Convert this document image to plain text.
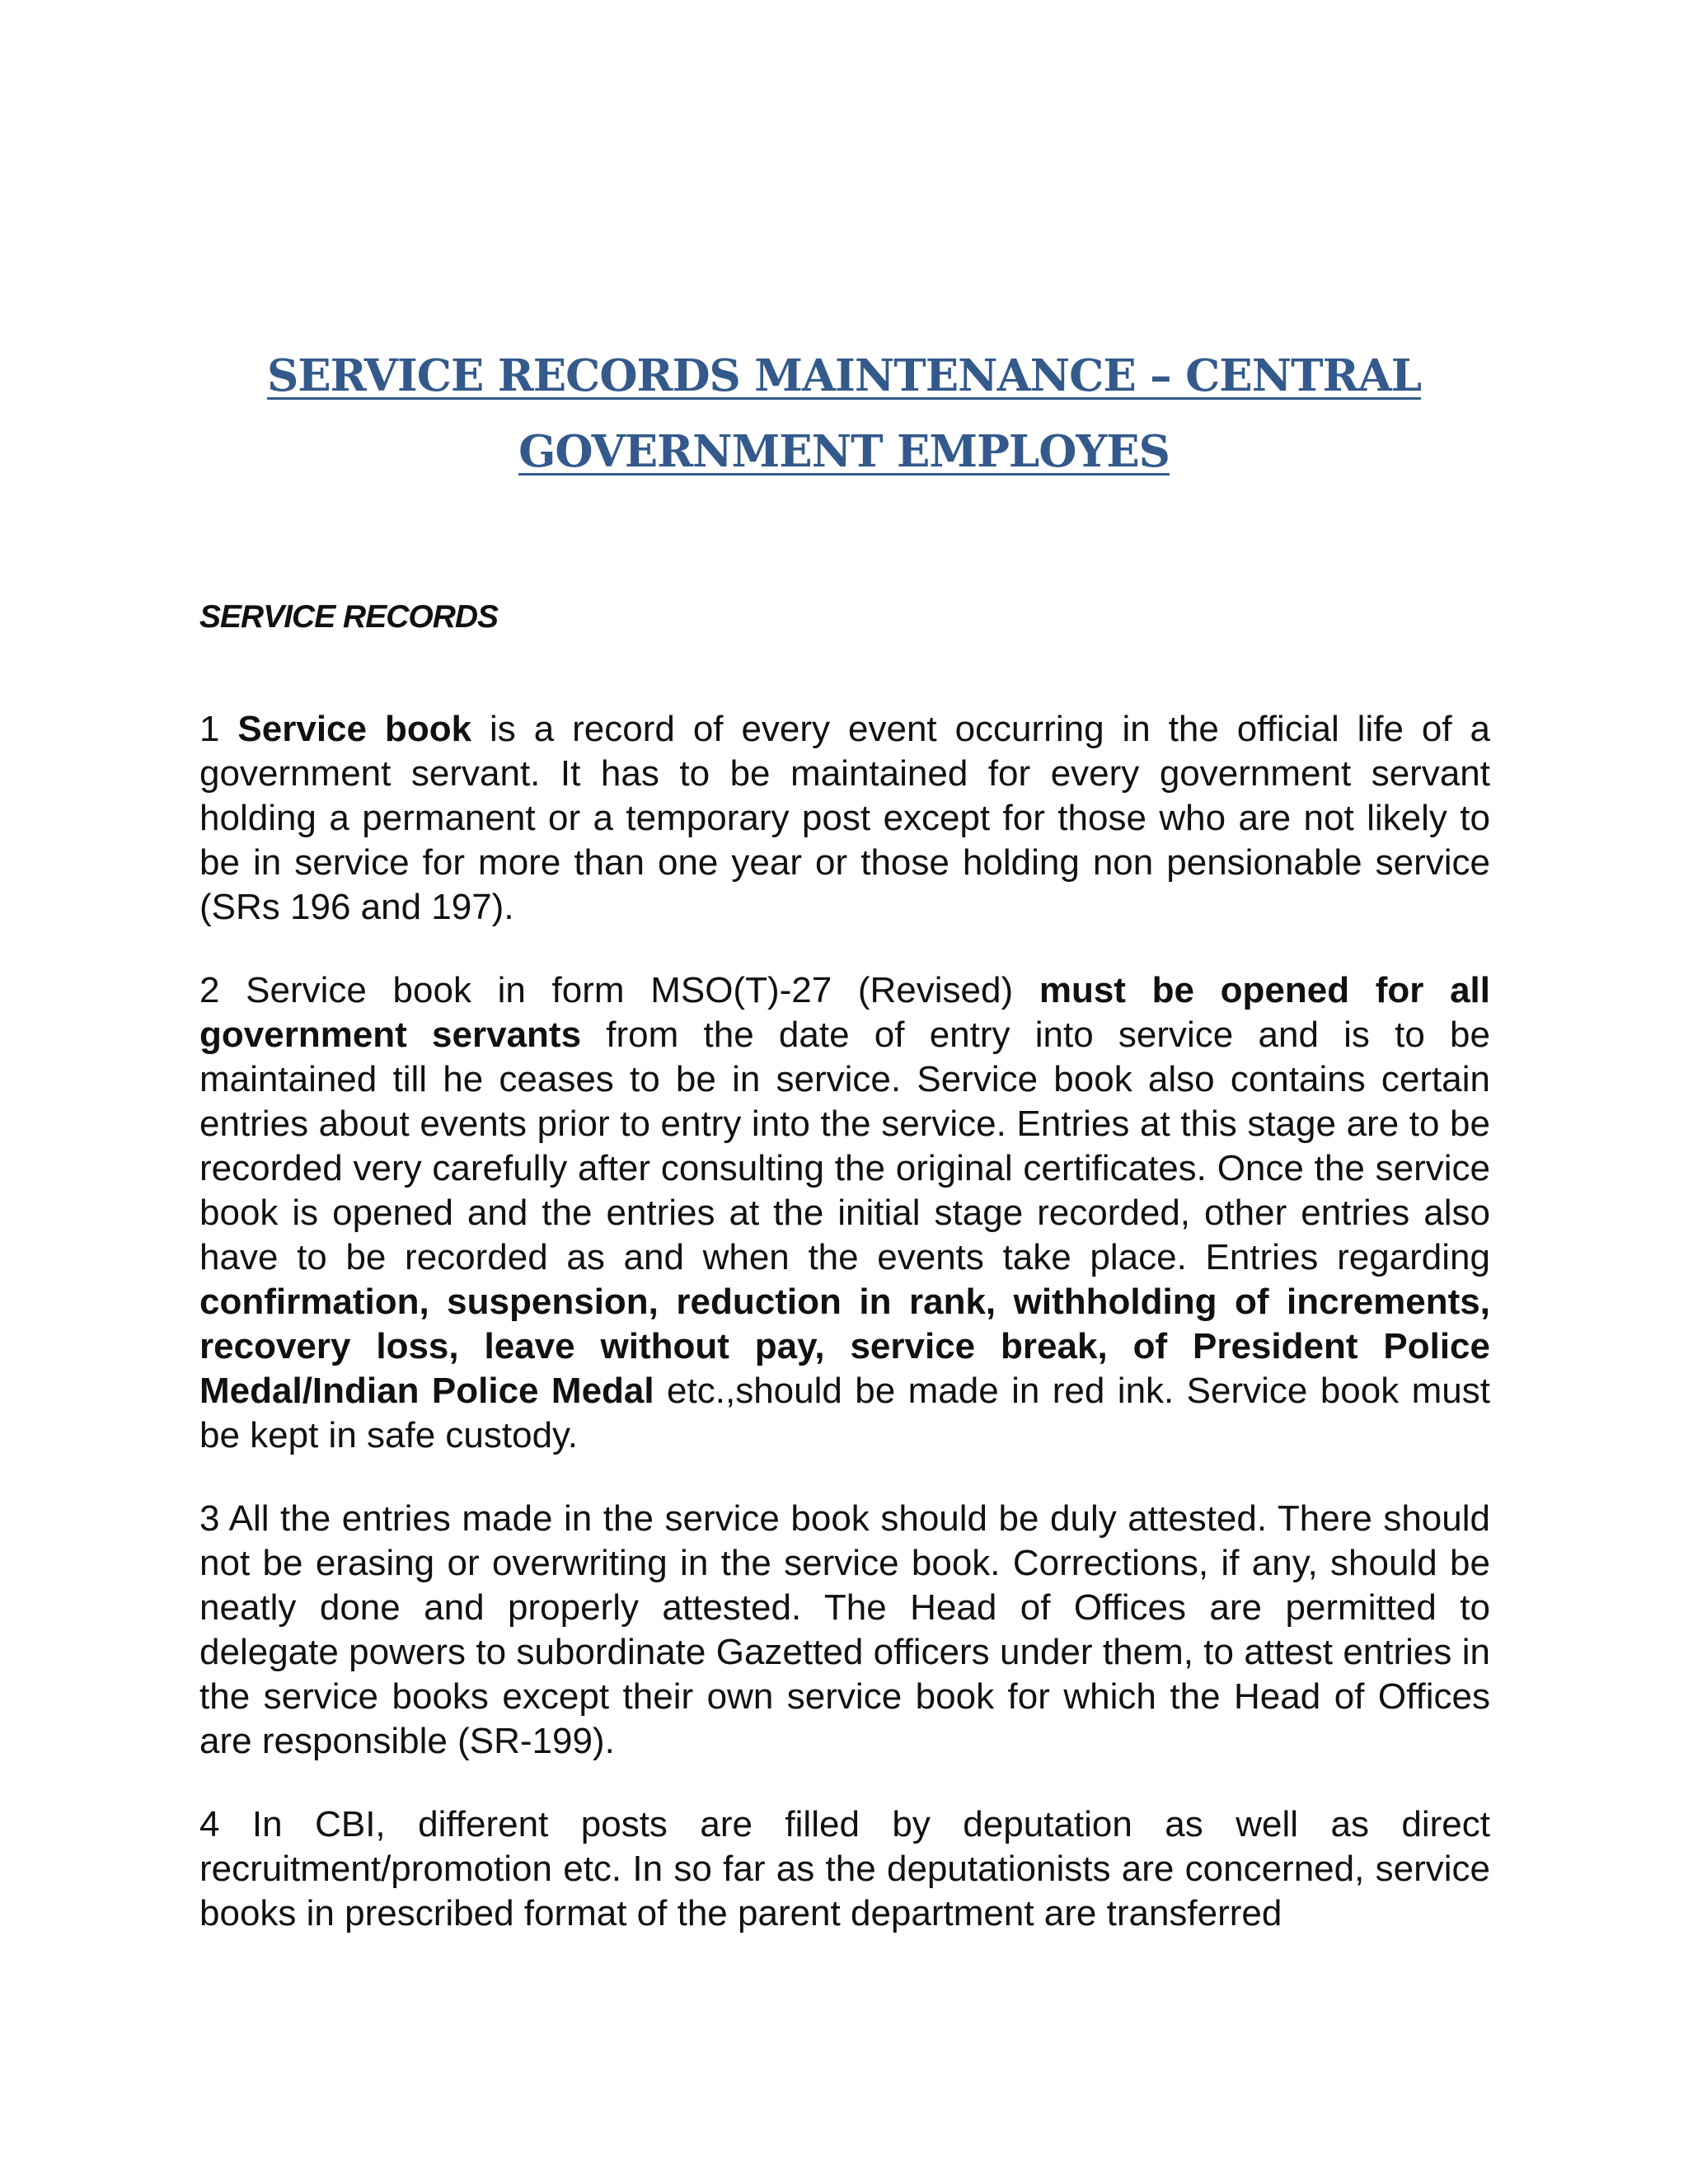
SERVICE RECORDS MAINTENANCE – CENTRAL
GOVERNMENT EMPLOYES

SERVICE RECORDS

1 Service book is a record of every event occurring in the official life of a government servant. It has to be maintained for every government servant holding a permanent or a temporary post except for those who are not likely to be in service for more than one year or those holding non pensionable service (SRs 196 and 197).

2 Service book in form MSO(T)-27 (Revised) must be opened for all government servants from the date of entry into service and is to be maintained till he ceases to be in service. Service book also contains certain entries about events prior to entry into the service. Entries at this stage are to be recorded very carefully after consulting the original certificates. Once the service book is opened and the entries at the initial stage recorded, other entries also have to be recorded as and when the events take place. Entries regarding confirmation, suspension, reduction in rank, withholding of increments, recovery loss, leave without pay, service break, of President Police Medal/Indian Police Medal etc.,should be made in red ink. Service book must be kept in safe custody.

3 All the entries made in the service book should be duly attested. There should not be erasing or overwriting in the service book. Corrections, if any, should be neatly done and properly attested. The Head of Offices are permitted to delegate powers to subordinate Gazetted officers under them, to attest entries in the service books except their own service book for which the Head of Offices are responsible (SR-199).

4 In CBI, different posts are filled by deputation as well as direct recruitment/promotion etc. In so far as the deputationists are concerned, service books in prescribed format of the parent department are transferred
